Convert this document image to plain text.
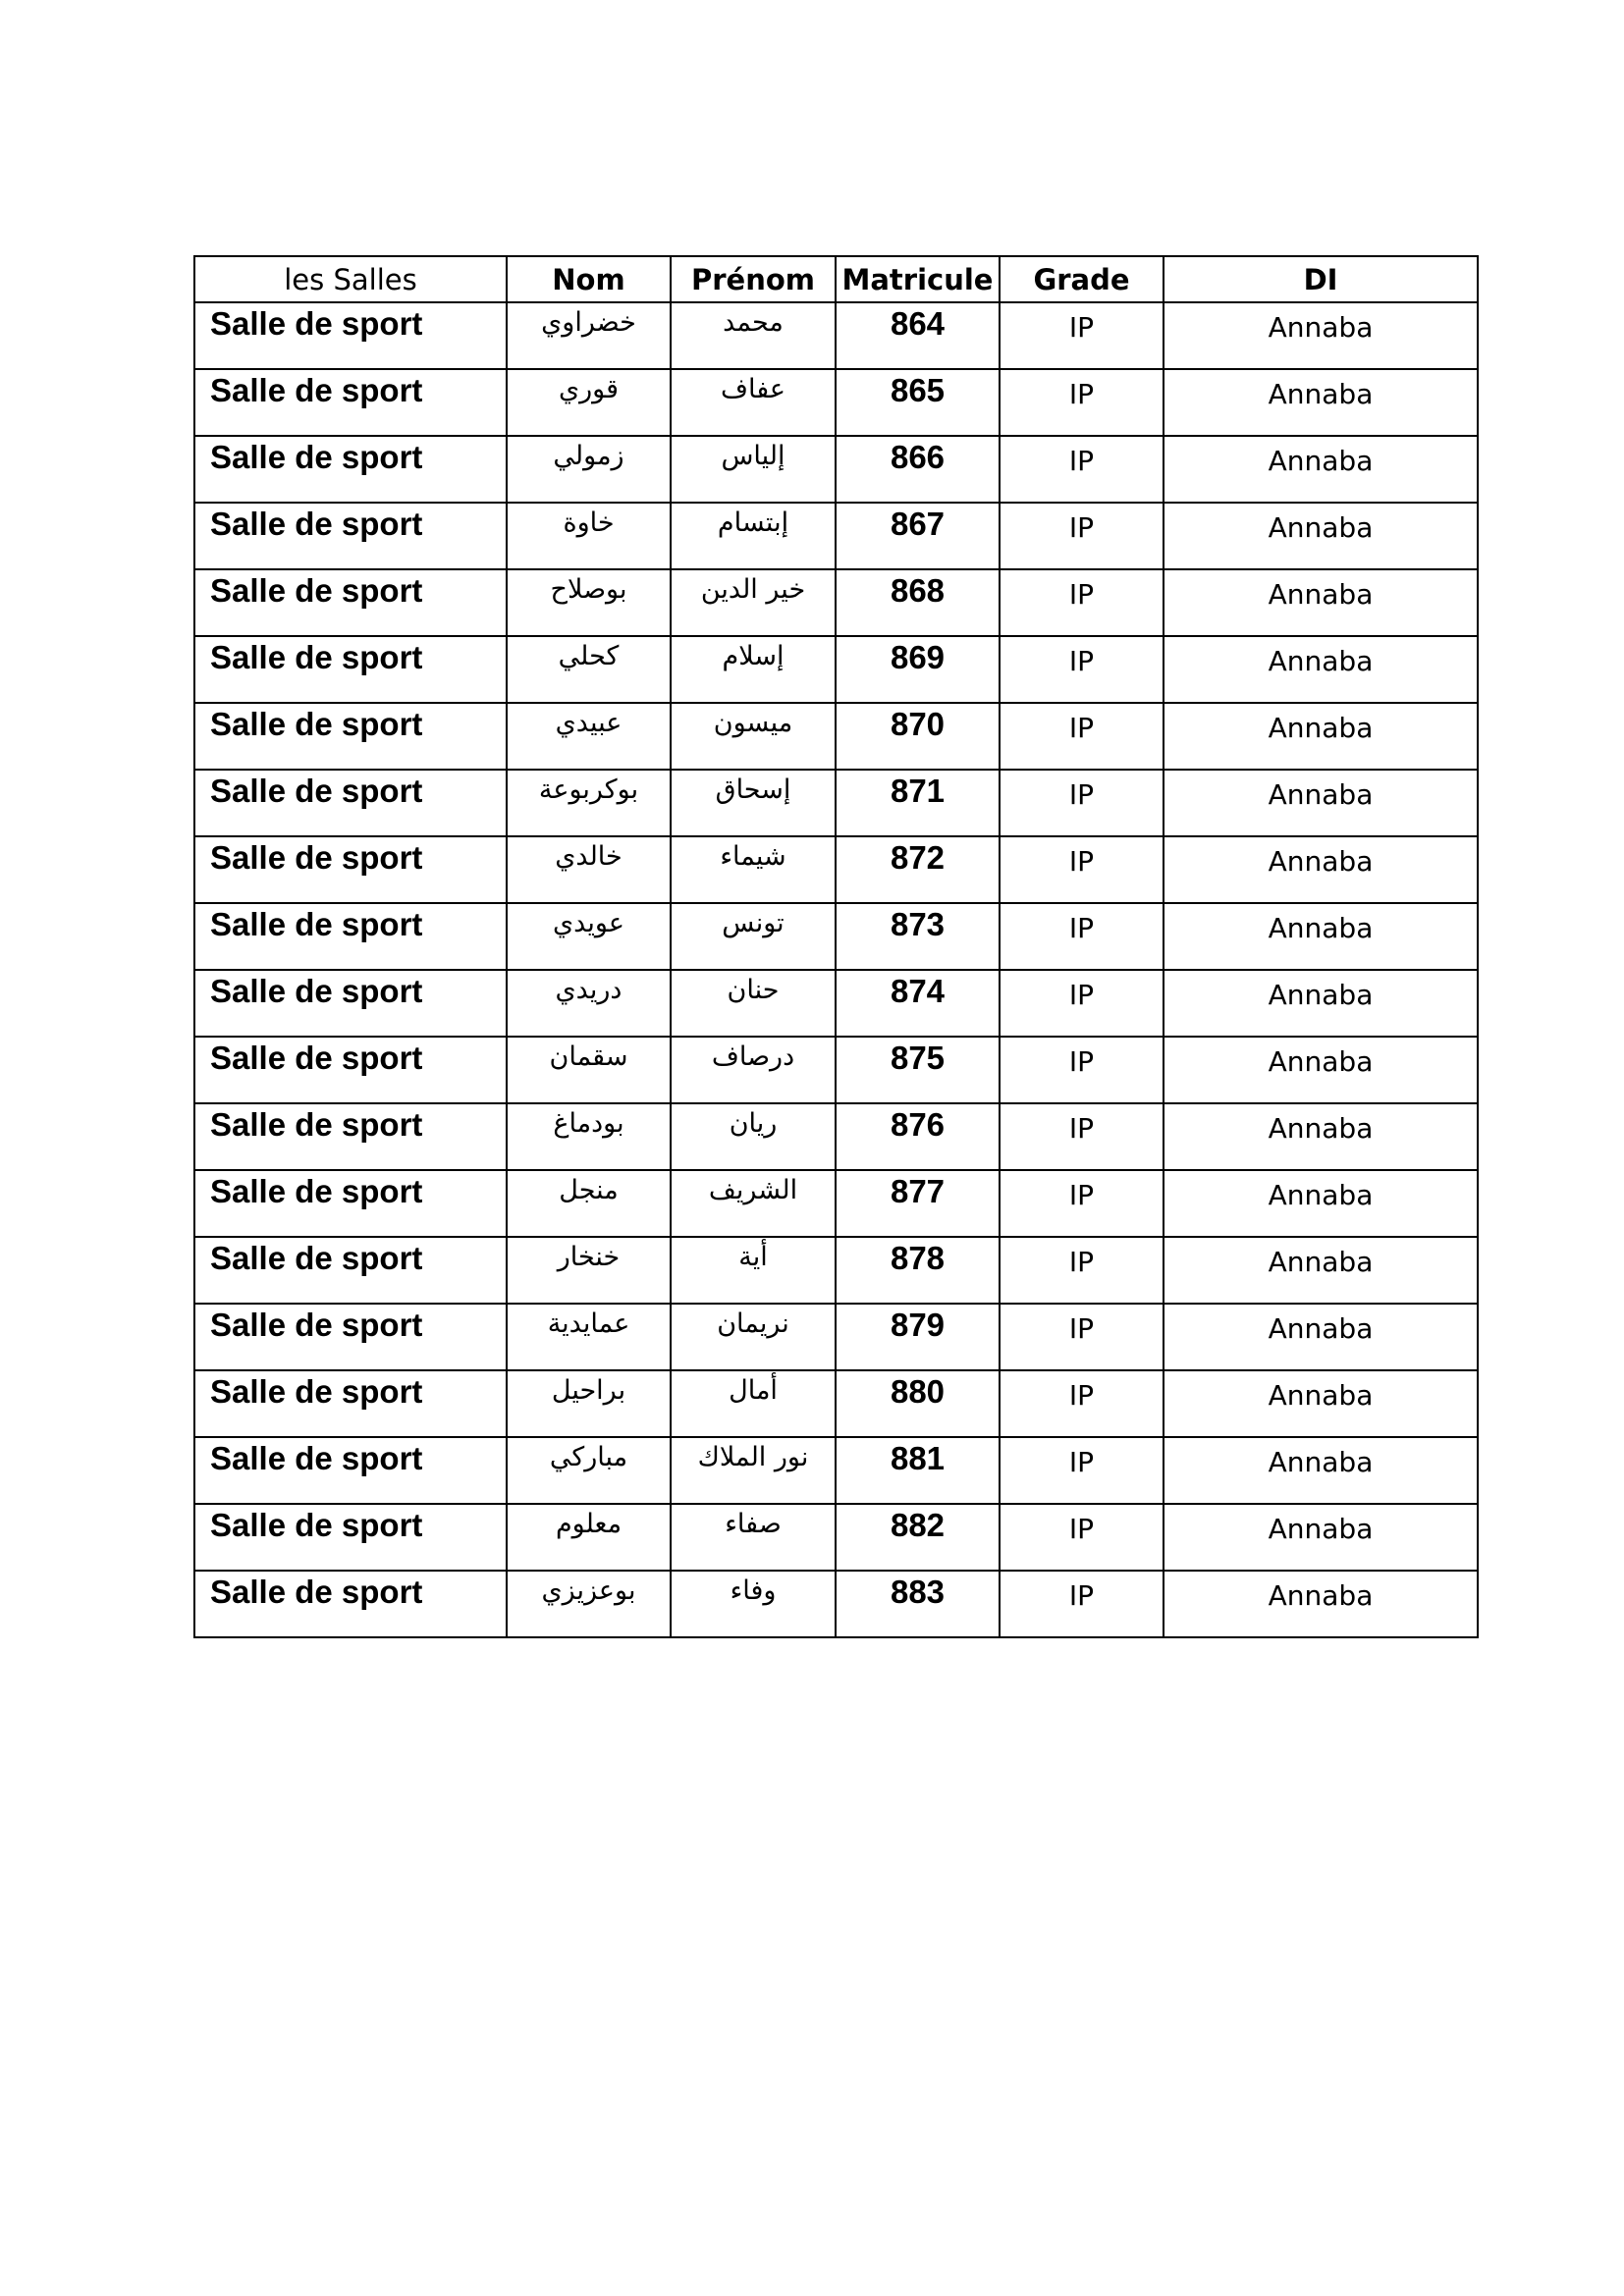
les Salles	Nom	Prénom	Matricule	Grade	DI
Salle de sport	خضراوي	محمد	864	IP	Annaba
Salle de sport	قوري	عفاف	865	IP	Annaba
Salle de sport	زمولي	إلياس	866	IP	Annaba
Salle de sport	خاوة	إبتسام	867	IP	Annaba
Salle de sport	بوصلاح	خير الدين	868	IP	Annaba
Salle de sport	كحلي	إسلام	869	IP	Annaba
Salle de sport	عبيدي	ميسون	870	IP	Annaba
Salle de sport	بوكربوعة	إسحاق	871	IP	Annaba
Salle de sport	خالدي	شيماء	872	IP	Annaba
Salle de sport	عويدي	تونس	873	IP	Annaba
Salle de sport	دريدي	حنان	874	IP	Annaba
Salle de sport	سقمان	درصاف	875	IP	Annaba
Salle de sport	بودماغ	ريان	876	IP	Annaba
Salle de sport	منجل	الشريف	877	IP	Annaba
Salle de sport	خنخار	أية	878	IP	Annaba
Salle de sport	عمايدية	نريمان	879	IP	Annaba
Salle de sport	براحيل	أمال	880	IP	Annaba
Salle de sport	مباركي	نور الملاك	881	IP	Annaba
Salle de sport	معلوم	صفاء	882	IP	Annaba
Salle de sport	بوعزيزي	وفاء	883	IP	Annaba
